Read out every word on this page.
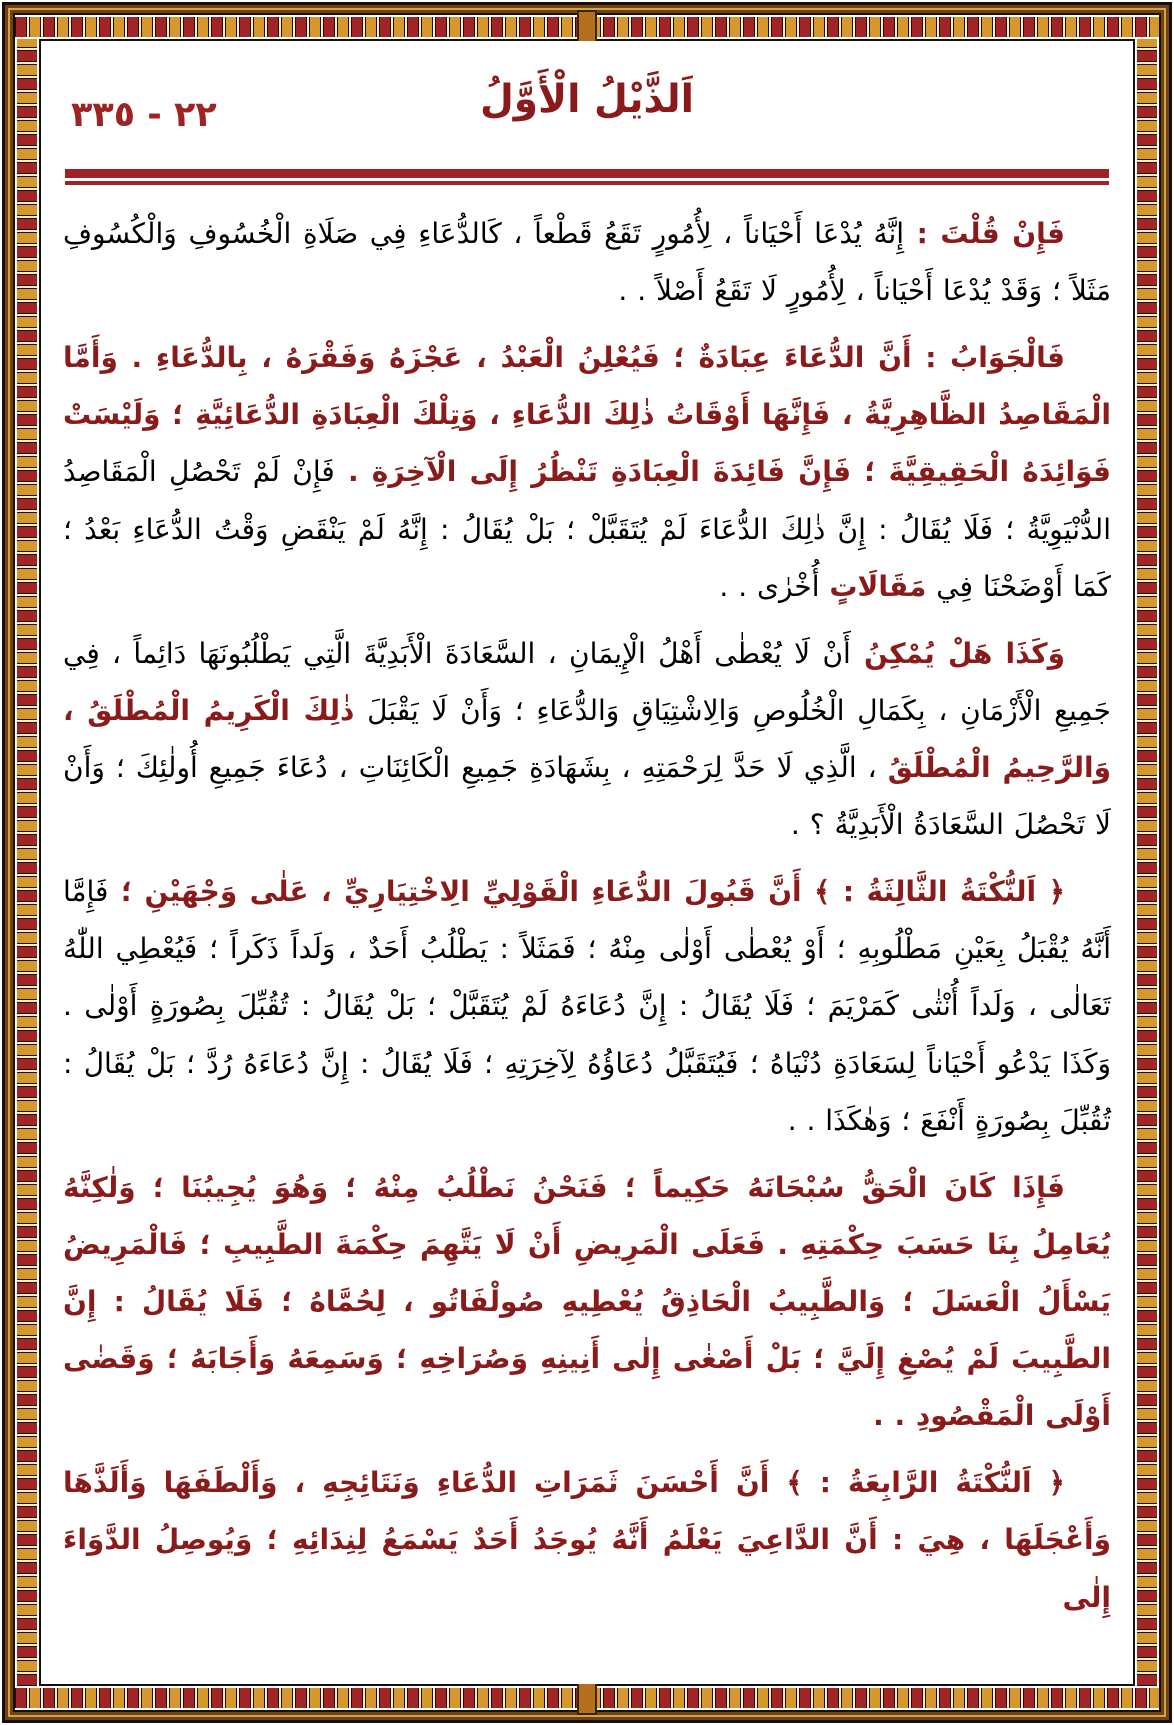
٢٢ - ٣٣٥	اَلذَّيْلُ الْأَوَّلُ

فَإِنْ قُلْتَ : إِنَّهُ يُدْعَا أَحْيَاناً ، لِأُمُورٍ تَقَعُ قَطْعاً ، كَالدُّعَاءِ فِي صَلَاةِ الْخُسُوفِ وَالْكُسُوفِ مَثَلاً ؛ وَقَدْ يُدْعَا أَحْيَاناً ، لِأُمُورٍ لَا تَقَعُ أَصْلاً . .

فَالْجَوَابُ : أَنَّ الدُّعَاءَ عِبَادَةٌ ؛ فَيُعْلِنُ الْعَبْدُ ، عَجْزَهُ وَفَقْرَهُ ، بِالدُّعَاءِ . وَأَمَّا الْمَقَاصِدُ الظَّاهِرِيَّةُ ، فَإِنَّهَا أَوْقَاتُ ذٰلِكَ الدُّعَاءِ ، وَتِلْكَ الْعِبَادَةِ الدُّعَائِيَّةِ ؛ وَلَيْسَتْ فَوَائِدَهُ الْحَقِيقِيَّةَ ؛ فَإِنَّ فَائِدَةَ الْعِبَادَةِ تَنْظُرُ إِلَى الْآخِرَةِ . فَإِنْ لَمْ تَحْصُلِ الْمَقَاصِدُ الدُّنْيَوِيَّةُ ؛ فَلَا يُقَالُ : إِنَّ ذٰلِكَ الدُّعَاءَ لَمْ يُتَقَبَّلْ ؛ بَلْ يُقَالُ : إِنَّهُ لَمْ يَنْقَضِ وَقْتُ الدُّعَاءِ بَعْدُ ؛ كَمَا أَوْضَحْنَا فِي مَقَالَاتٍ أُخْرٰى . .

وَكَذَا هَلْ يُمْكِنُ أَنْ لَا يُعْطٰى أَهْلُ الْإِيمَانِ ، السَّعَادَةَ الْأَبَدِيَّةَ الَّتِي يَطْلُبُونَهَا دَائِماً ، فِي جَمِيعِ الْأَزْمَانِ ، بِكَمَالِ الْخُلُوصِ وَالِاشْتِيَاقِ وَالدُّعَاءِ ؛ وَأَنْ لَا يَقْبَلَ ذٰلِكَ الْكَرِيمُ الْمُطْلَقُ ، وَالرَّحِيمُ الْمُطْلَقُ ، الَّذِي لَا حَدَّ لِرَحْمَتِهِ ، بِشَهَادَةِ جَمِيعِ الْكَائِنَاتِ ، دُعَاءَ جَمِيعِ أُولٰئِكَ ؛ وَأَنْ لَا تَحْصُلَ السَّعَادَةُ الْأَبَدِيَّةُ ؟ .

﴿ اَلنُّكْتَةُ الثَّالِثَةُ : ﴾ أَنَّ قَبُولَ الدُّعَاءِ الْقَوْلِيِّ الِاخْتِيَارِيِّ ، عَلٰى وَجْهَيْنِ ؛ فَإِمَّا أَنَّهُ يُقْبَلُ بِعَيْنِ مَطْلُوبِهِ ؛ أَوْ يُعْطٰى أَوْلٰى مِنْهُ ؛ فَمَثَلاً : يَطْلُبُ أَحَدٌ ، وَلَداً ذَكَراً ؛ فَيُعْطِي اللّٰهُ تَعَالٰى ، وَلَداً أُنْثٰى كَمَرْيَمَ ؛ فَلَا يُقَالُ : إِنَّ دُعَاءَهُ لَمْ يُتَقَبَّلْ ؛ بَلْ يُقَالُ : تُقُبِّلَ بِصُورَةٍ أَوْلٰى . وَكَذَا يَدْعُو أَحْيَاناً لِسَعَادَةِ دُنْيَاهُ ؛ فَيُتَقَبَّلُ دُعَاؤُهُ لِآخِرَتِهِ ؛ فَلَا يُقَالُ : إِنَّ دُعَاءَهُ رُدَّ ؛ بَلْ يُقَالُ : تُقُبِّلَ بِصُورَةٍ أَنْفَعَ ؛ وَهٰكَذَا . .

فَإِذَا كَانَ الْحَقُّ سُبْحَانَهُ حَكِيماً ؛ فَنَحْنُ نَطْلُبُ مِنْهُ ؛ وَهُوَ يُجِيبُنَا ؛ وَلٰكِنَّهُ يُعَامِلُ بِنَا حَسَبَ حِكْمَتِهِ . فَعَلَى الْمَرِيضِ أَنْ لَا يَتَّهِمَ حِكْمَةَ الطَّبِيبِ ؛ فَالْمَرِيضُ يَسْأَلُ الْعَسَلَ ؛ وَالطَّبِيبُ الْحَاذِقُ يُعْطِيهِ صُولْفَاتُو ، لِحُمَّاهُ ؛ فَلَا يُقَالُ : إِنَّ الطَّبِيبَ لَمْ يُصْغِ إِلَيَّ ؛ بَلْ أَصْغٰى إِلٰى أَنِينِهِ وَصُرَاخِهِ ؛ وَسَمِعَهُ وَأَجَابَهُ ؛ وَقَضٰى أَوْلَى الْمَقْصُودِ . .

﴿ اَلنُّكْتَةُ الرَّابِعَةُ : ﴾ أَنَّ أَحْسَنَ ثَمَرَاتِ الدُّعَاءِ وَنَتَائِجِهِ ، وَأَلْطَفَهَا وَأَلَذَّهَا وَأَعْجَلَهَا ، هِيَ : أَنَّ الدَّاعِيَ يَعْلَمُ أَنَّهُ يُوجَدُ أَحَدٌ يَسْمَعُ لِنِدَائِهِ ؛ وَيُوصِلُ الدَّوَاءَ إِلٰى
